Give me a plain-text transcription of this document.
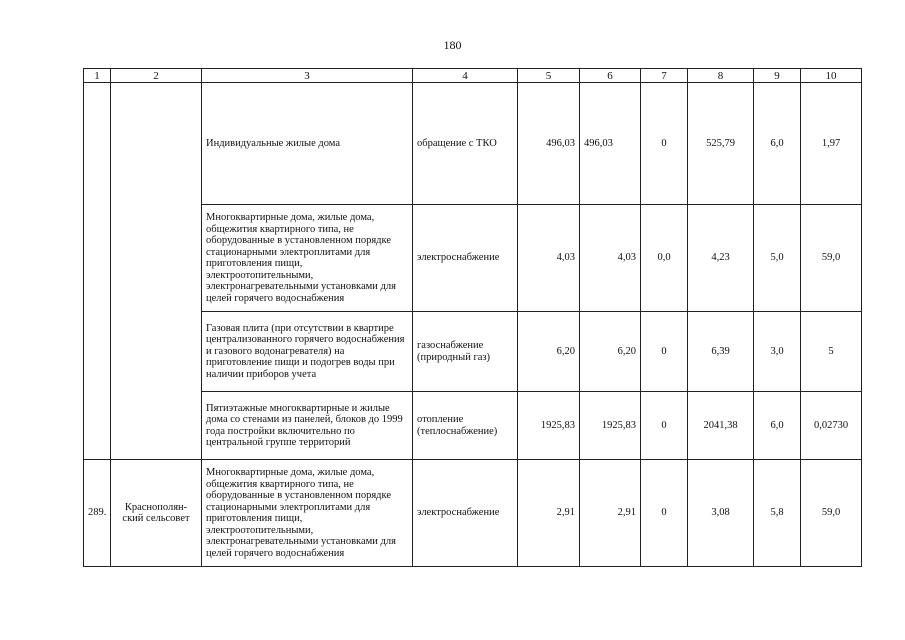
180
1	2	3	4	5	6	7	8	9	10
		Индивидуальные жилые дома	обращение с ТКО	496,03	496,03	0	525,79	6,0	1,97
		Многоквартирные дома, жилые дома, общежития квартирного типа, не оборудованные в установленном порядке стационарными электроплитами для приготовления пищи, электроотопительными, электронагревательными установками для целей горячего водоснабжения	электроснабжение	4,03	4,03	0,0	4,23	5,0	59,0
		Газовая плита (при отсутствии в квартире централизованного горячего водоснабжения и газового водонагревателя) на приготовление пищи и подогрев воды при наличии приборов учета	газоснабжение (природный газ)	6,20	6,20	0	6,39	3,0	5
		Пятиэтажные многоквартирные и жилые дома со стенами из панелей, блоков до 1999 года постройки включительно по центральной группе территорий	отопление (теплоснабжение)	1925,83	1925,83	0	2041,38	6,0	0,02730
289.	Краснополян-ский сельсовет	Многоквартирные дома, жилые дома, общежития квартирного типа, не оборудованные в установленном порядке стационарными электроплитами для приготовления пищи, электроотопительными, электронагревательными установками для целей горячего водоснабжения	электроснабжение	2,91	2,91	0	3,08	5,8	59,0
